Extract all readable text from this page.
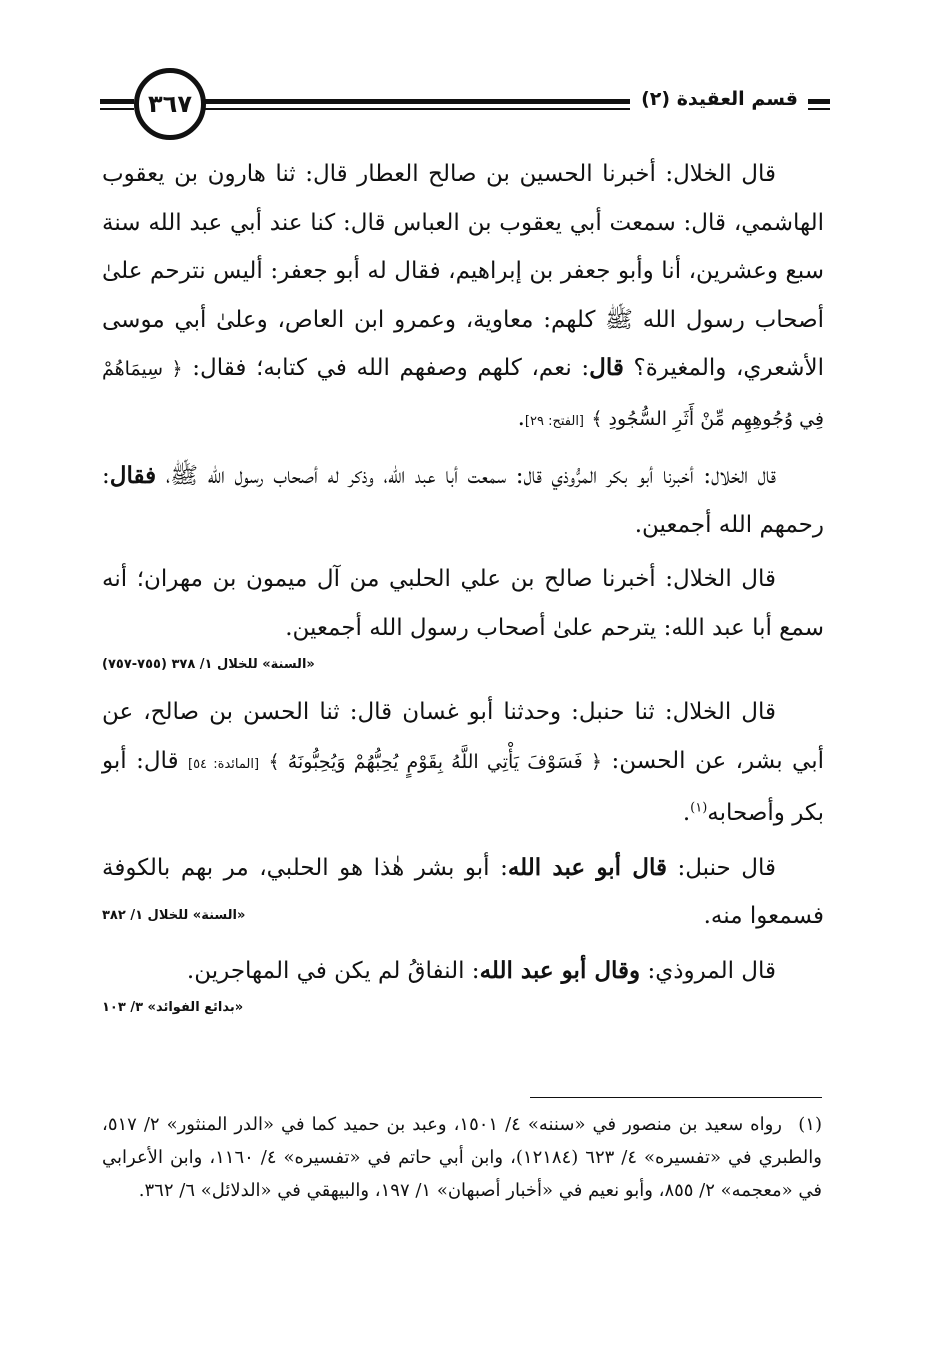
٣٦٧	قسم العقيدة (٢)

قال الخلال: أخبرنا الحسين بن صالح العطار قال: ثنا هارون بن يعقوب الهاشمي، قال: سمعت أبي يعقوب بن العباس قال: كنا عند أبي عبد الله سنة سبع وعشرين، أنا وأبو جعفر بن إبراهيم، فقال له أبو جعفر: أليس نترحم علىٰ أصحاب رسول الله ﷺ كلهم: معاوية، وعمرو ابن العاص، وعلىٰ أبي موسى الأشعري، والمغيرة؟ قال: نعم، كلهم وصفهم الله في كتابه؛ فقال: ﴿ سِيمَاهُمْ فِي وُجُوهِهِم مِّنْ أَثَرِ السُّجُودِ ﴾ [الفتح: ٢٩].

قال الخلال: أخبرنا أبو بكر المرُّوذي قال: سمعت أبا عبد الله، وذكر له أصحاب رسول الله ﷺ، فقال: رحمهم الله أجمعين.

قال الخلال: أخبرنا صالح بن علي الحلبي من آل ميمون بن مهران؛ أنه سمع أبا عبد الله: يترحم علىٰ أصحاب رسول الله أجمعين.

«السنة» للخلال ١/ ٣٧٨ (٧٥٥-٧٥٧)

قال الخلال: ثنا حنبل: وحدثنا أبو غسان قال: ثنا الحسن بن صالح، عن أبي بشر، عن الحسن: ﴿ فَسَوْفَ يَأْتِي اللَّهُ بِقَوْمٍ يُحِبُّهُمْ وَيُحِبُّونَهُ ﴾ [المائدة: ٥٤] قال: أبو بكر وأصحابه$^{(١)}$.

قال حنبل: قال أبو عبد الله: أبو بشر هٰذا هو الحلبي، مر بهم بالكوفة فسمعوا منه.
«السنة» للخلال ١/ ٣٨٢

قال المروذي: وقال أبو عبد الله: النفاقُ لم يكن في المهاجرين.

«بدائع الفوائد» ٣/ ١٠٣

(١)رواه سعيد بن منصور في «سننه» ٤/ ١٥٠١، وعبد بن حميد كما في «الدر المنثور» ٢/ ٥١٧، والطبري في «تفسيره» ٤/ ٦٢٣ (١٢١٨٤)، وابن أبي حاتم في «تفسيره» ٤/ ١١٦٠، وابن الأعرابي في «معجمه» ٢/ ٨٥٥، وأبو نعيم في «أخبار أصبهان» ١/ ١٩٧، والبيهقي في «الدلائل» ٦/ ٣٦٢.
